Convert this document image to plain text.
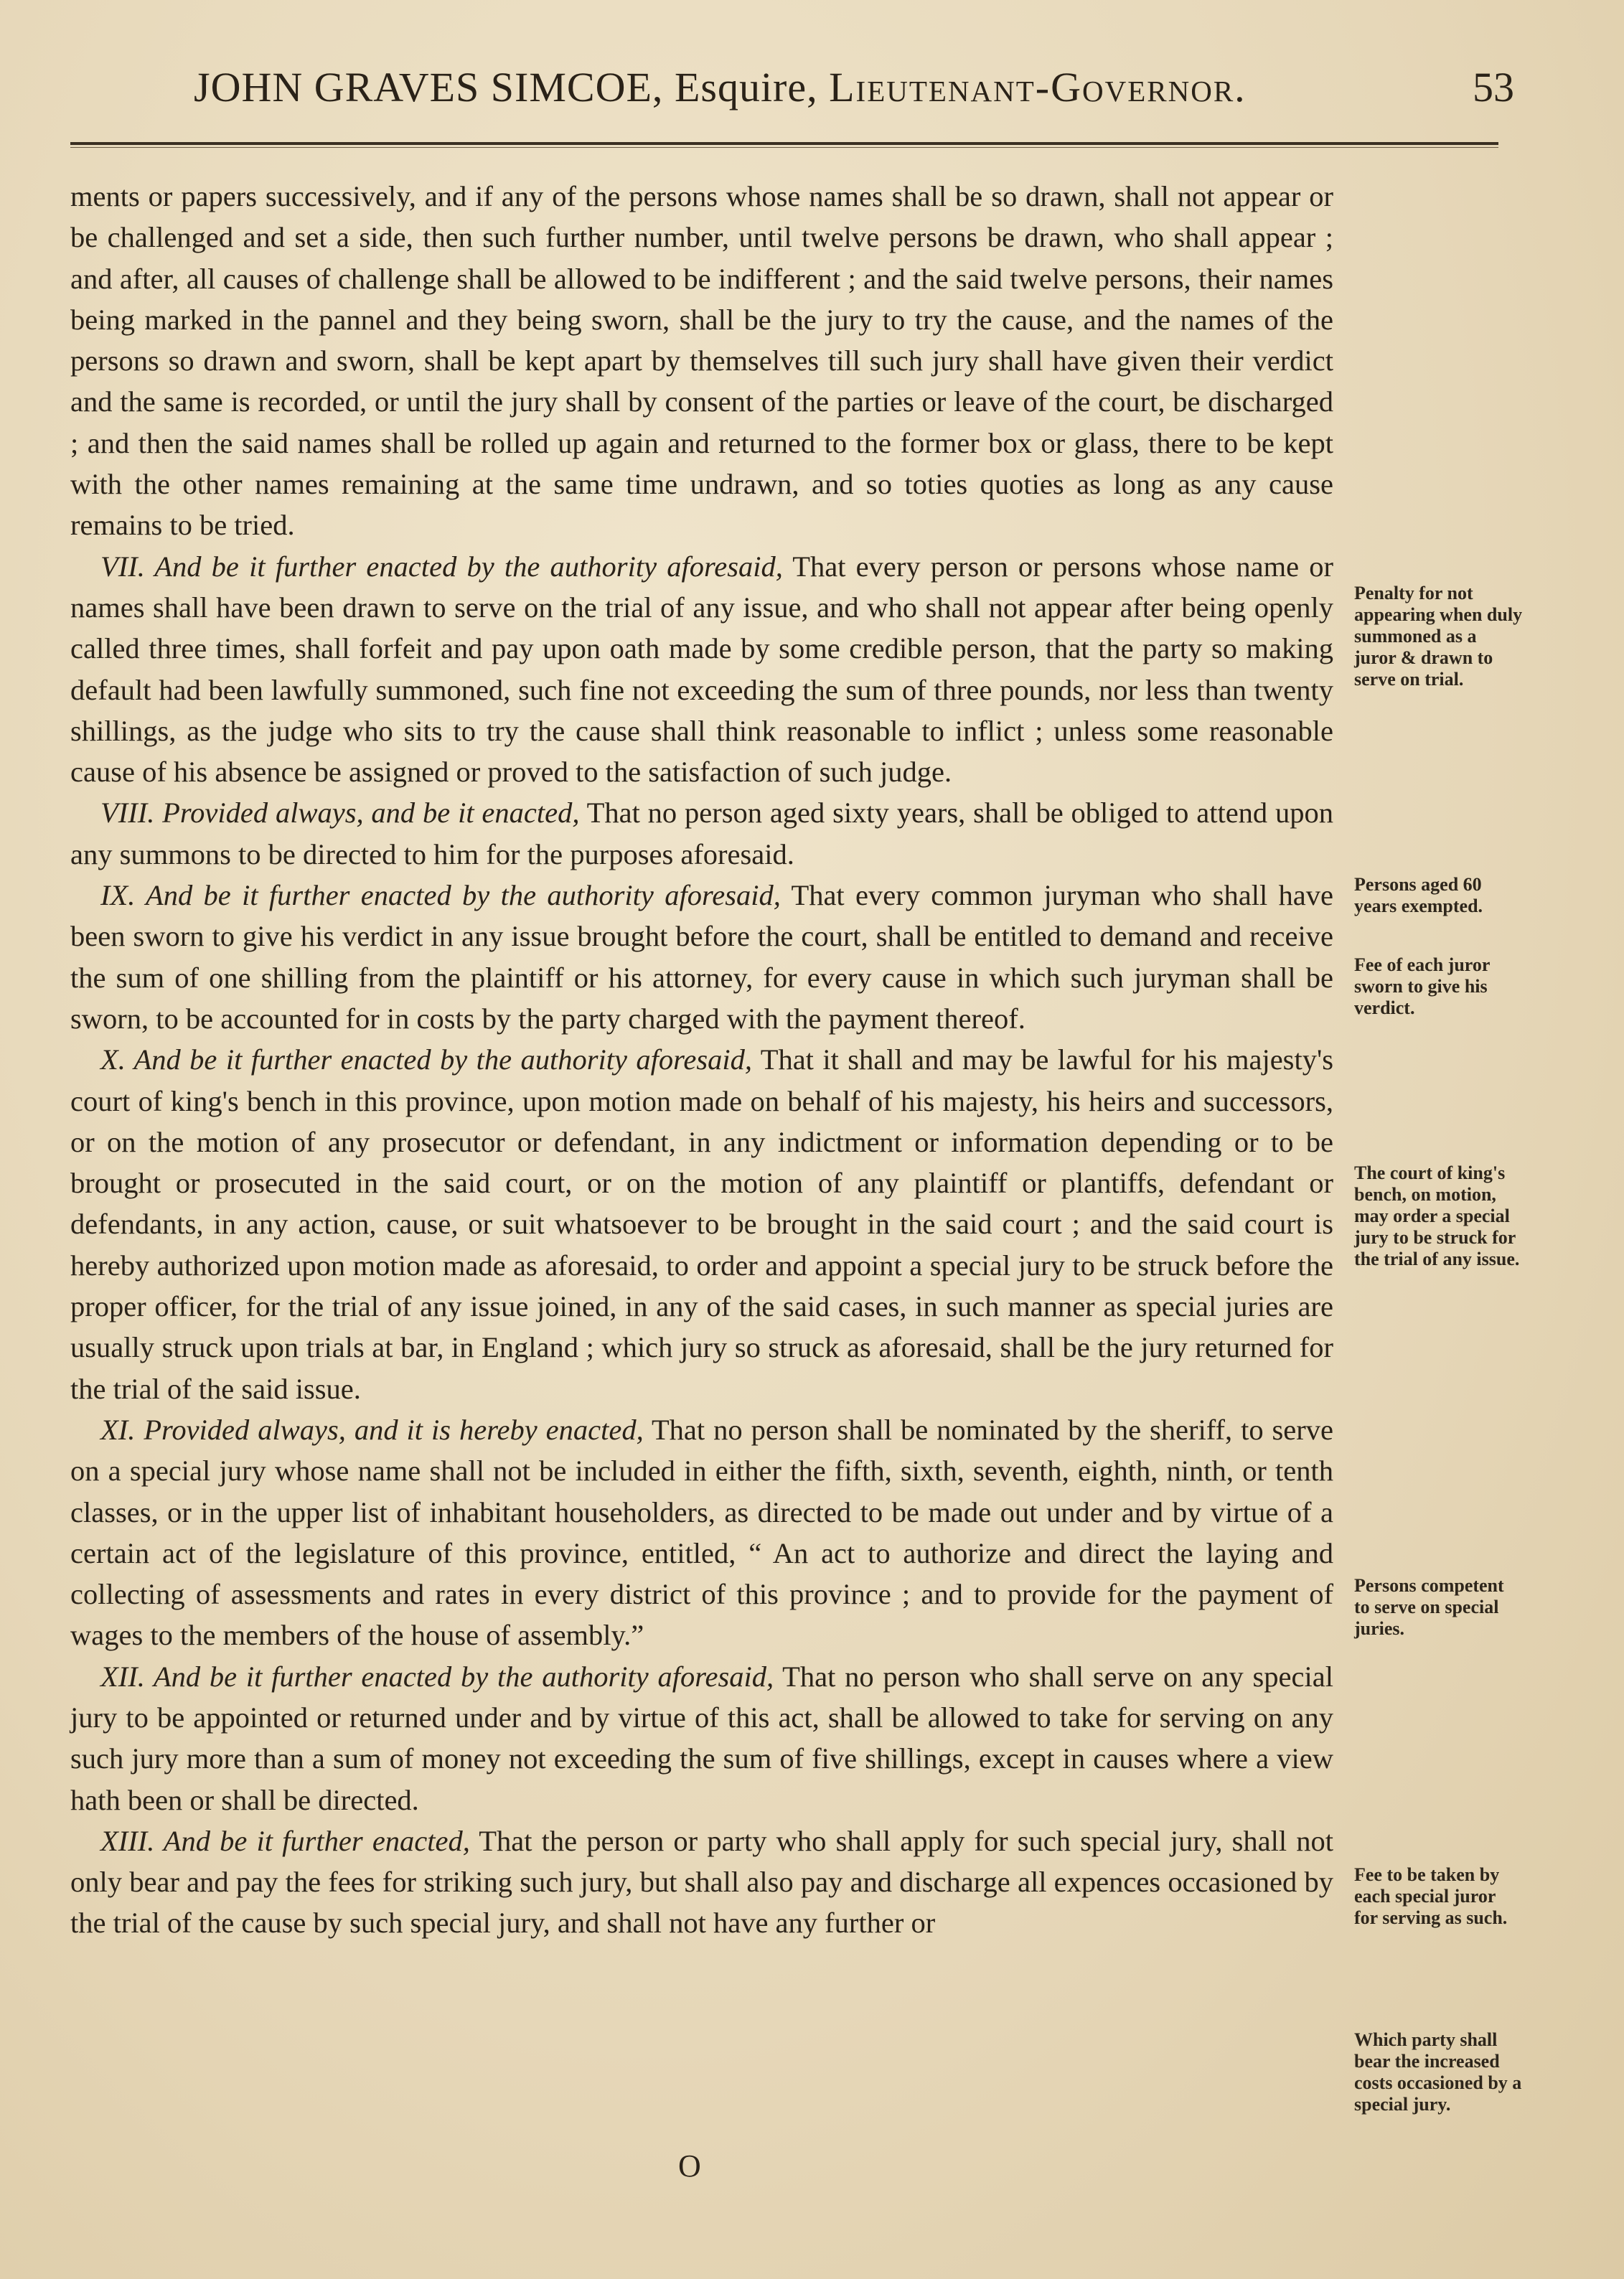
JOHN GRAVES SIMCOE, Esquire, Lieutenant-Governor.	53

ments or papers successively, and if any of the persons whose names shall be so drawn, shall not appear or be challenged and set a side, then such further number, until twelve persons be drawn, who shall appear ; and after, all causes of challenge shall be allowed to be indifferent ; and the said twelve persons, their names being marked in the pannel and they being sworn, shall be the jury to try the cause, and the names of the persons so drawn and sworn, shall be kept apart by themselves till such jury shall have given their verdict and the same is recorded, or until the jury shall by consent of the parties or leave of the court, be discharged ; and then the said names shall be rolled up again and returned to the former box or glass, there to be kept with the other names remaining at the same time undrawn, and so toties quoties as long as any cause remains to be tried.

VII. And be it further enacted by the authority aforesaid, That every person or persons whose name or names shall have been drawn to serve on the trial of any issue, and who shall not appear after being openly called three times, shall forfeit and pay upon oath made by some credible person, that the party so making default had been lawfully summoned, such fine not exceeding the sum of three pounds, nor less than twenty shillings, as the judge who sits to try the cause shall think reasonable to inflict ; unless some reasonable cause of his absence be assigned or proved to the satisfaction of such judge.

VIII. Provided always, and be it enacted, That no person aged sixty years, shall be obliged to attend upon any summons to be directed to him for the purposes aforesaid.

IX. And be it further enacted by the authority aforesaid, That every common juryman who shall have been sworn to give his verdict in any issue brought before the court, shall be entitled to demand and receive the sum of one shilling from the plaintiff or his attorney, for every cause in which such juryman shall be sworn, to be accounted for in costs by the party charged with the payment thereof.

X. And be it further enacted by the authority aforesaid, That it shall and may be lawful for his majesty's court of king's bench in this province, upon motion made on behalf of his majesty, his heirs and successors, or on the motion of any prosecutor or defendant, in any indictment or information depending or to be brought or prosecuted in the said court, or on the motion of any plaintiff or plantiffs, defendant or defendants, in any action, cause, or suit whatsoever to be brought in the said court ; and the said court is hereby authorized upon motion made as aforesaid, to order and appoint a special jury to be struck before the proper officer, for the trial of any issue joined, in any of the said cases, in such manner as special juries are usually struck upon trials at bar, in England ; which jury so struck as aforesaid, shall be the jury returned for the trial of the said issue.

XI. Provided always, and it is hereby enacted, That no person shall be nominated by the sheriff, to serve on a special jury whose name shall not be included in either the fifth, sixth, seventh, eighth, ninth, or tenth classes, or in the upper list of inhabitant householders, as directed to be made out under and by virtue of a certain act of the legislature of this province, entitled, “ An act to authorize and direct the laying and collecting of assessments and rates in every district of this province ; and to provide for the payment of wages to the members of the house of assembly.”

XII. And be it further enacted by the authority aforesaid, That no person who shall serve on any special jury to be appointed or returned under and by virtue of this act, shall be allowed to take for serving on any such jury more than a sum of money not exceeding the sum of five shillings, except in causes where a view hath been or shall be directed.

XIII. And be it further enacted, That the person or party who shall apply for such special jury, shall not only bear and pay the fees for striking such jury, but shall also pay and discharge all expences occasioned by the trial of the cause by such special jury, and shall not have any further or

Penalty for not appearing when duly summoned as a juror & drawn to serve on trial.
Persons aged 60 years exempted.
Fee of each juror sworn to give his verdict.
The court of king's bench, on motion, may order a special jury to be struck for the trial of any issue.
Persons competent to serve on special juries.
Fee to be taken by each special juror for serving as such.
Which party shall bear the increased costs occasioned by a special jury.
O
